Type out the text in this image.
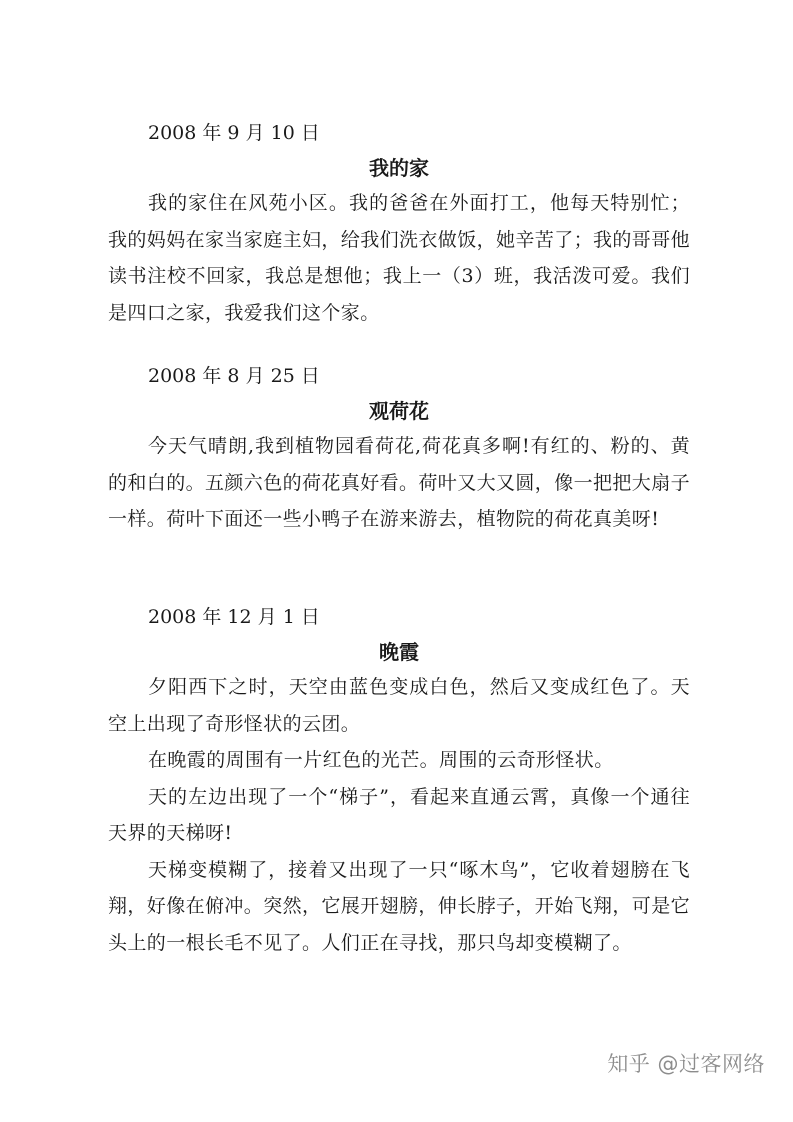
2008 年 9 月 10 日

我的家

我的家住在风苑小区。我的爸爸在外面打工，他每天特别忙；我的妈妈在家当家庭主妇，给我们洗衣做饭，她辛苦了；我的哥哥他读书注校不回家，我总是想他；我上一（3）班，我活泼可爱。我们是四口之家，我爱我们这个家。

2008 年 8 月 25 日

观荷花

今天气晴朗,我到植物园看荷花,荷花真多啊!有红的、粉的、黄的和白的。五颜六色的荷花真好看。荷叶又大又圆，像一把把大扇子一样。荷叶下面还一些小鸭子在游来游去，植物院的荷花真美呀!

2008 年 12 月 1 日

晚霞

夕阳西下之时，天空由蓝色变成白色，然后又变成红色了。天空上出现了奇形怪状的云团。

在晚霞的周围有一片红色的光芒。周围的云奇形怪状。

天的左边出现了一个“梯子”，看起来直通云霄，真像一个通往天界的天梯呀!

天梯变模糊了，接着又出现了一只“啄木鸟”，它收着翅膀在飞翔，好像在俯冲。突然，它展开翅膀，伸长脖子，开始飞翔，可是它头上的一根长毛不见了。人们正在寻找，那只鸟却变模糊了。

知乎 @过客网络
